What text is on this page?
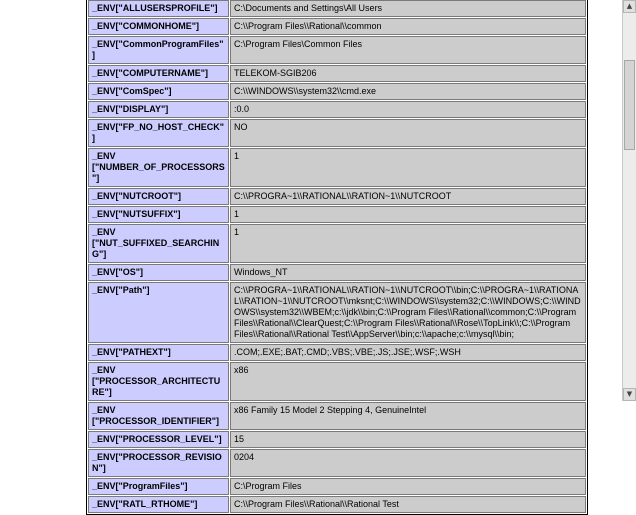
_ENV["ALLUSERSPROFILE"]	C:\Documents and Settings\All Users
_ENV["COMMONHOME"]	C:\\Program Files\\Rational\\common
_ENV["CommonProgramFiles"]	C:\Program Files\Common Files
_ENV["COMPUTERNAME"]	TELEKOM-SGIB206
_ENV["ComSpec"]	C:\\WINDOWS\\system32\\cmd.exe
_ENV["DISPLAY"]	:0.0
_ENV["FP_NO_HOST_CHECK"]	NO
_ENV ["NUMBER_OF_PROCESSORS"]	1
_ENV["NUTCROOT"]	C:\\PROGRA~1\\RATIONAL\\RATION~1\\NUTCROOT
_ENV["NUTSUFFIX"]	1
_ENV ["NUT_SUFFIXED_SEARCHING"]	1
_ENV["OS"]	Windows_NT
_ENV["Path"]	C:\\PROGRA~1\\RATIONAL\\RATION~1\\NUTCROOT\\bin;C:\\PROGRA~1\\RATIONAL\\RATION~1\\NUTCROOT\\mksnt;C:\\WINDOWS\\system32;C:\\WINDOWS;C:\\WINDOWS\\system32\\WBEM;c:\\jdk\\bin;C:\\Program Files\\Rational\\common;C:\\Program Files\\Rational\\ClearQuest;C:\\Program Files\\Rational\\Rose\\TopLink\\;C:\\Program Files\\Rational\\Rational Test\\AppServer\\bin;c:\\apache;c:\\mysql\\bin;
_ENV["PATHEXT"]	.COM;.EXE;.BAT;.CMD;.VBS;.VBE;.JS;.JSE;.WSF;.WSH
_ENV ["PROCESSOR_ARCHITECTURE"]	x86
_ENV ["PROCESSOR_IDENTIFIER"]	x86 Family 15 Model 2 Stepping 4, GenuineIntel
_ENV["PROCESSOR_LEVEL"]	15
_ENV["PROCESSOR_REVISION"]	0204
_ENV["ProgramFiles"]	C:\Program Files
_ENV["RATL_RTHOME"]	C:\\Program Files\\Rational\\Rational Test
▲
▼
